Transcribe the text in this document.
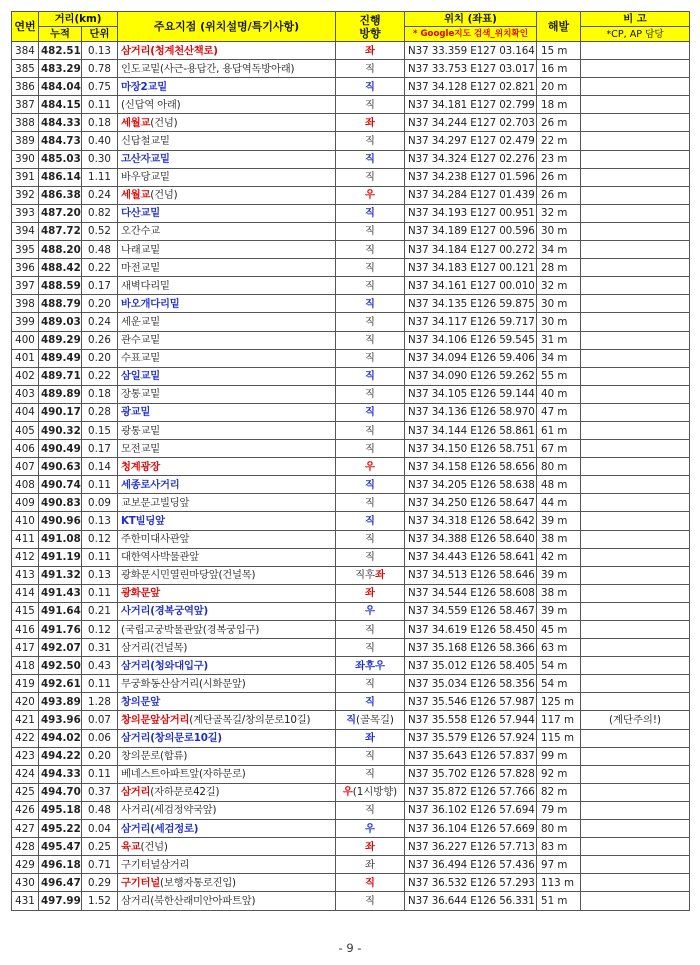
연번	거리(km)		주요지점 (위치설명/특기사항)	진행
방향	위치 (좌표)	해발	비 고
	누적	단위			* Google지도 검색_위치확인		*CP, AP 담당
384	482.51	0.13	삼거리(청계천산책로)	좌	N37 33.359 E127 03.164	15 m	
385	483.29	0.78	인도교밑(사근-용답간, 용답역독방아래)	직	N37 33.753 E127 03.017	16 m	
386	484.04	0.75	마장2교밑	직	N37 34.128 E127 02.821	20 m	
387	484.15	0.11	(신답역 아래)	직	N37 34.181 E127 02.799	18 m	
388	484.33	0.18	세월교(건넘)	좌	N37 34.244 E127 02.703	26 m	
389	484.73	0.40	신답철교밑	직	N37 34.297 E127 02.479	22 m	
390	485.03	0.30	고산자교밑	직	N37 34.324 E127 02.276	23 m	
391	486.14	1.11	바우당교밑	직	N37 34.238 E127 01.596	26 m	
392	486.38	0.24	세월교(건넘)	우	N37 34.284 E127 01.439	26 m	
393	487.20	0.82	다산교밑	직	N37 34.193 E127 00.951	32 m	
394	487.72	0.52	오간수교	직	N37 34.189 E127 00.596	30 m	
395	488.20	0.48	나래교밑	직	N37 34.184 E127 00.272	34 m	
396	488.42	0.22	마전교밑	직	N37 34.183 E127 00.121	28 m	
397	488.59	0.17	새벽다리밑	직	N37 34.161 E127 00.010	32 m	
398	488.79	0.20	바오개다리밑	직	N37 34.135 E126 59.875	30 m	
399	489.03	0.24	세운교밑	직	N37 34.117 E126 59.717	30 m	
400	489.29	0.26	관수교밑	직	N37 34.106 E126 59.545	31 m	
401	489.49	0.20	수표교밑	직	N37 34.094 E126 59.406	34 m	
402	489.71	0.22	삼일교밑	직	N37 34.090 E126 59.262	55 m	
403	489.89	0.18	장통교밑	직	N37 34.105 E126 59.144	40 m	
404	490.17	0.28	광교밑	직	N37 34.136 E126 58.970	47 m	
405	490.32	0.15	광통교밑	직	N37 34.144 E126 58.861	61 m	
406	490.49	0.17	모전교밑	직	N37 34.150 E126 58.751	67 m	
407	490.63	0.14	청계광장	우	N37 34.158 E126 58.656	80 m	
408	490.74	0.11	세종로사거리	직	N37 34.205 E126 58.638	48 m	
409	490.83	0.09	교보문고빌딩앞	직	N37 34.250 E126 58.647	44 m	
410	490.96	0.13	KT빌딩앞	직	N37 34.318 E126 58.642	39 m	
411	491.08	0.12	주한미대사관앞	직	N37 34.388 E126 58.640	38 m	
412	491.19	0.11	대한역사박물관앞	직	N37 34.443 E126 58.641	42 m	
413	491.32	0.13	광화문시민열린마당앞(건널목)	직후좌	N37 34.513 E126 58.646	39 m	
414	491.43	0.11	광화문앞	좌	N37 34.544 E126 58.608	38 m	
415	491.64	0.21	사거리(경복궁역앞)	우	N37 34.559 E126 58.467	39 m	
416	491.76	0.12	(국립고궁박물관앞(경복궁입구)	직	N37 34.619 E126 58.450	45 m	
417	492.07	0.31	삼거리(건널목)	직	N37 35.168 E126 58.366	63 m	
418	492.50	0.43	삼거리(청와대입구)	좌후우	N37 35.012 E126 58.405	54 m	
419	492.61	0.11	무궁화동산삼거리(시화문앞)	직	N37 35.034 E126 58.356	54 m	
420	493.89	1.28	창의문앞	직	N37 35.546 E126 57.987	125 m	
421	493.96	0.07	창의문앞삼거리(계단골목길/창의문로10길)	직(골목길)	N37 35.558 E126 57.944	117 m	(계단주의!)
422	494.02	0.06	삼거리(창의문로10길)	좌	N37 35.579 E126 57.924	115 m	
423	494.22	0.20	창의문로(합류)	직	N37 35.643 E126 57.837	99 m	
424	494.33	0.11	베네스트아파트앞(자하문로)	직	N37 35.702 E126 57.828	92 m	
425	494.70	0.37	삼거리(자하문로42길)	우(1시방향)	N37 35.872 E126 57.766	82 m	
426	495.18	0.48	사거리(세검정약국앞)	직	N37 36.102 E126 57.694	79 m	
427	495.22	0.04	삼거리(세검정로)	우	N37 36.104 E126 57.669	80 m	
428	495.47	0.25	육교(건넘)	좌	N37 36.227 E126 57.713	83 m	
429	496.18	0.71	구기터널삼거리	좌	N37 36.494 E126 57.436	97 m	
430	496.47	0.29	구기터널(보행자통로진입)	직	N37 36.532 E126 57.293	113 m	
431	497.99	1.52	삼거리(북한산래미안아파트앞)	직	N37 36.644 E126 56.331	51 m	
- 9 -
